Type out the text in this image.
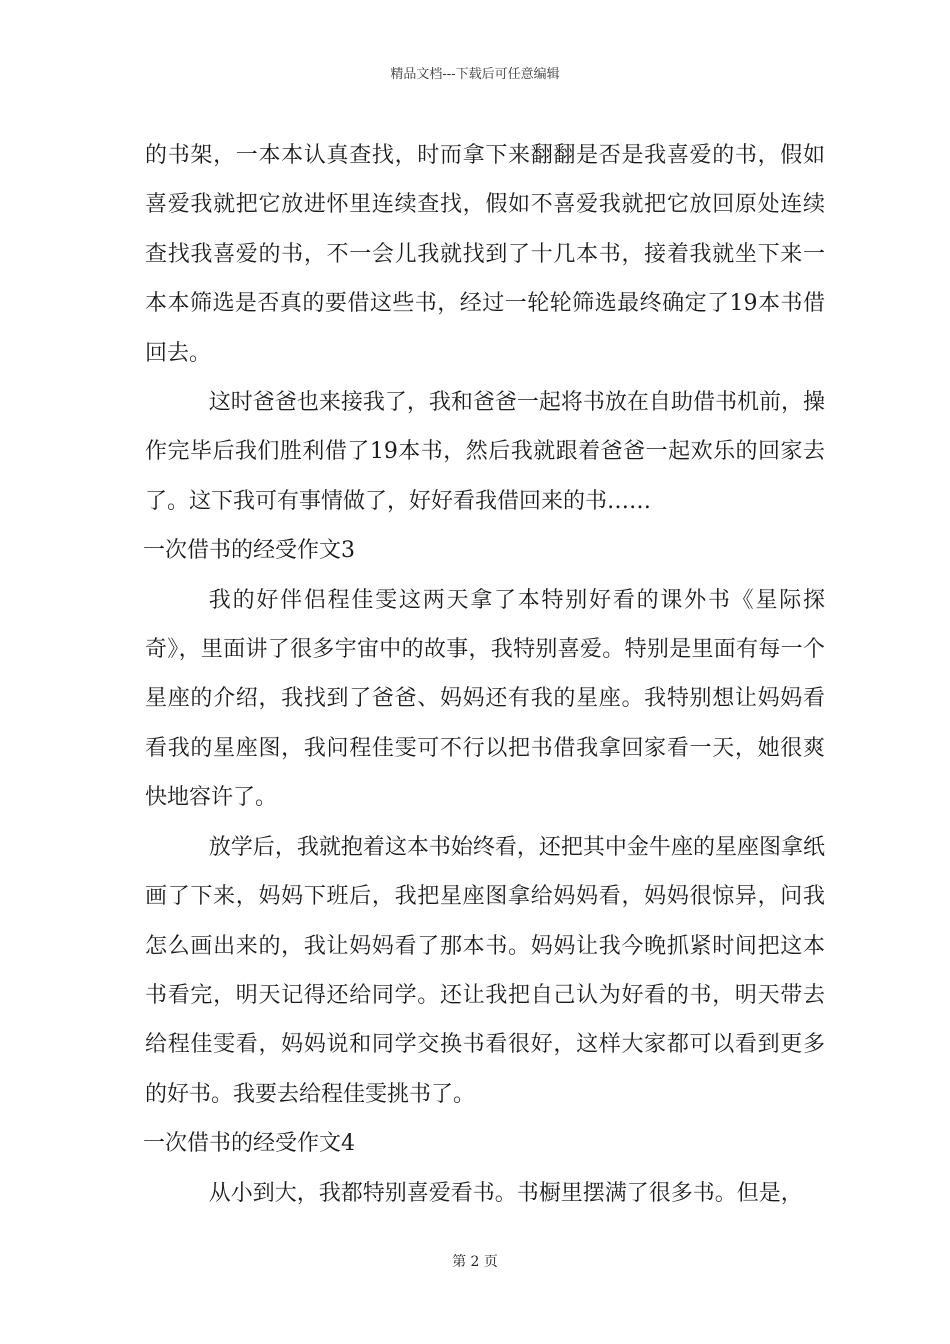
精品文档---下载后可任意编辑

的书架，一本本认真查找，时而拿下来翻翻是否是我喜爱的书，假如喜爱我就把它放进怀里连续查找，假如不喜爱我就把它放回原处连续查找我喜爱的书，不一会儿我就找到了十几本书，接着我就坐下来一本本筛选是否真的要借这些书，经过一轮轮筛选最终确定了19本书借回去。

这时爸爸也来接我了，我和爸爸一起将书放在自助借书机前，操作完毕后我们胜利借了19本书，然后我就跟着爸爸一起欢乐的回家去了。这下我可有事情做了，好好看我借回来的书……

一次借书的经受作文3

我的好伴侣程佳雯这两天拿了本特别好看的课外书《星际探奇》，里面讲了很多宇宙中的故事，我特别喜爱。特别是里面有每一个星座的介绍，我找到了爸爸、妈妈还有我的星座。我特别想让妈妈看看我的星座图，我问程佳雯可不行以把书借我拿回家看一天，她很爽快地容许了。

放学后，我就抱着这本书始终看，还把其中金牛座的星座图拿纸画了下来，妈妈下班后，我把星座图拿给妈妈看，妈妈很惊异，问我怎么画出来的，我让妈妈看了那本书。妈妈让我今晚抓紧时间把这本书看完，明天记得还给同学。还让我把自己认为好看的书，明天带去给程佳雯看，妈妈说和同学交换书看很好，这样大家都可以看到更多的好书。我要去给程佳雯挑书了。

一次借书的经受作文4

从小到大，我都特别喜爱看书。书橱里摆满了很多书。但是，

第 2 页
